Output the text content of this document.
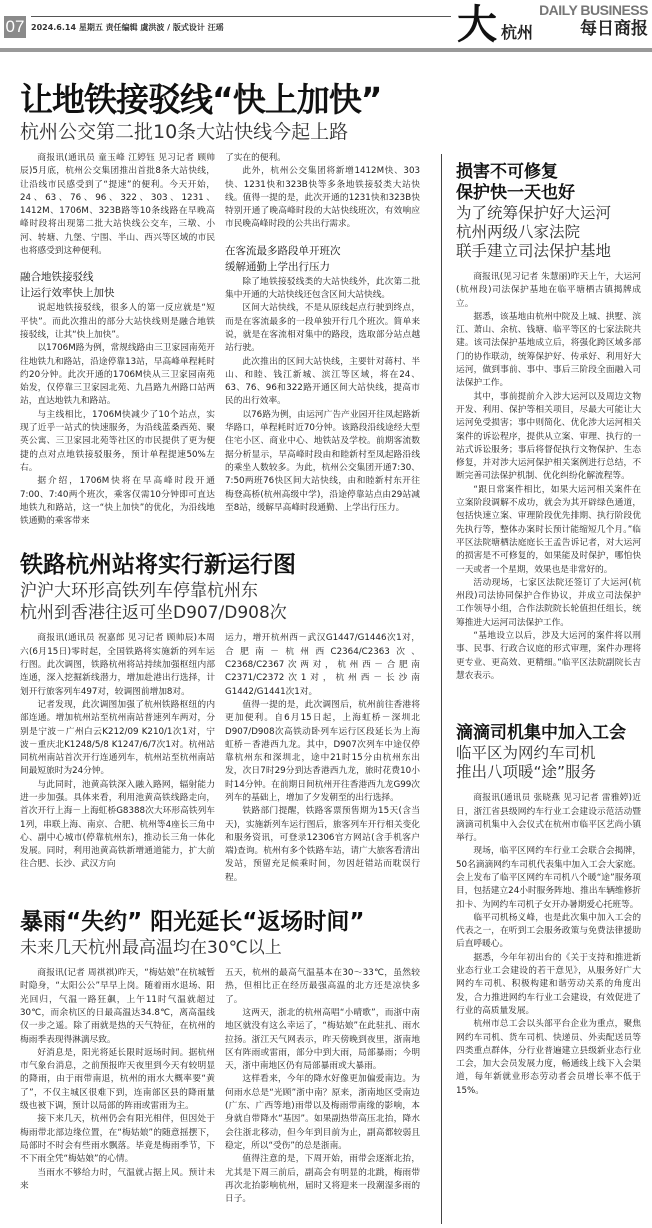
07 2024.6.14 星期五 责任编辑 虞洪波 / 版式设计 汪瑶	大 杭州
DAILY BUSINESS
每日商报
让地铁接驳线“快上加快”
杭州公交第二批10条大站快线今起上路

商报讯(通讯员 童玉峰 江婷钰 见习记者 顾帅辰)5月底，杭州公交集团推出首批8条大站快线，让沿线市民感受到了“提速”的便利。今天开始，24、63、76、96、322、303、1231、1412M、1706M、323B路等10条线路在早晚高峰时段将出现第二批大站快线公交车，三墩、小河、转塘、九堡、宁围、半山、西兴等区域的市民也将感受到这种便利。

融合地铁接驳线
让运行效率快上加快

说起地铁接驳线，很多人的第一反应就是“短平快”。而此次推出的部分大站快线则是融合地铁接驳线，让其“快上加快”。

以1706M路为例，常规线路由三卫家园南苑开往地铁九和路站，沿途停靠13站，早高峰单程耗时约20分钟。此次开通的1706M快从三卫家园南苑始发，仅停靠三卫家园北苑、九昌路九州路口站两站，直达地铁九和路站。

与主线相比，1706M快减少了10个站点，实现了近乎一站式的快速服务，为沿线蓝桑西苑、聚英公寓、三卫家园北苑等社区的市民提供了更为便捷的点对点地铁接驳服务，预计单程提速50%左右。

据介绍，1706M快将在早高峰时段开通7:00、7:40两个班次，乘客仅需10分钟即可直达地铁九和路站，这一“快上加快”的优化，为沿线地铁通勤的乘客带来

了实在的便利。

此外，杭州公交集团将新增1412M快、303快、1231快和323B快等多条地铁接驳类大站快线。值得一提的是，此次开通的1231快和323B快特别开通了晚高峰时段的大站快线班次，有效响应市民晚高峰时段的公共出行需求。

在客流最多路段单开班次
缓解通勤上学出行压力

除了地铁接驳线类的大站快线外，此次第二批集中开通的大站快线还包含区间大站快线。

区间大站快线，不是从原线起点行驶到终点，而是在客流最多的一段单独开行几个班次。简单来说，就是在客流相对集中的路段，选取部分站点越站行驶。

此次推出的区间大站快线，主要针对蒋村、半山、和睦、钱江新城、滨江等区域，将在24、63、76、96和322路开通区间大站快线，提高市民的出行效率。

以76路为例，由运河广告产业园开往凤起路新华路口，单程耗时近70分钟。该路段沿线途经大型住宅小区、商业中心、地铁站及学校。前期客流数据分析显示，早高峰时段由和睦新村至凤起路沿线的乘坐人数较多。为此，杭州公交集团开通7:30、7:50两班76快区间大站快线，由和睦新村东开往梅登高桥(杭州高级中学)，沿途停靠站点由29站减至8站，缓解早高峰时段通勤、上学出行压力。

铁路杭州站将实行新运行图
沪沪大环形高铁列车停靠杭州东
杭州到香港往返可坐D907/D908次

商报讯(通讯员 祝嘉郎 见习记者 顾帅辰)本周六(6月15日)零时起，全国铁路将实施新的列车运行图。此次调图，铁路杭州将站持续加强枢纽内部连通，深入挖掘新线潜力，增加赴港出行选择，计划开行旅客列车497对，较调图前增加8对。

记者发现，此次调图加强了杭州铁路枢纽的内部连通。增加杭州站至杭州南站普速列车两对，分别是宁波－广州白云K212/09 K210/1次1对，宁波－重庆北K1248/5/8 K1247/6/7次1对。杭州站同杭州南站首次开行连通列车，杭州站至杭州南站间最短旅时为24分钟。

与此同时，池黄高铁深入融入路网，辐射能力进一步加强。具体来看，利用池黄高铁线路走向，首次开行上海－上海虹桥G8388次大环形高铁列车1列，串联上海、南京、合肥、杭州等4座长三角中心、副中心城市(停靠杭州东)，推动长三角一体化发展。同时，利用池黄高铁新增通道能力，扩大前往合肥、长沙、武汉方向

运力，增开杭州西－武汉G1447/G1446次1对，合肥南－杭州西C2364/C2363次、C2368/C2367次两对，杭州西－合肥南C2371/C2372次1对，杭州西－长沙南G1442/G1441次1对。

值得一提的是，此次调图后，杭州前往香港将更加便利。自6月15日起，上海虹桥－深圳北D907/D908次高铁动卧列车运行区段延长为上海虹桥－香港西九龙。其中，D907次列车中途仅停靠杭州东和深圳北，途中21时15分由杭州东出发，次日7时29分到达香港西九龙，旅时花费10小时14分钟。在前期日间杭州开往香港西九龙G99次列车的基础上，增加了夕发朝至的出行选择。

铁路部门提醒，铁路客票预售期为15天(含当天)，实施新列车运行图后，旅客列车开行相关变化和服务资讯，可登录12306官方网站(含手机客户端)查询。杭州有多个铁路车站，请广大旅客看清出发站，预留充足候乘时间，勿因赶错站而耽误行程。

暴雨“失约” 阳光延长“返场时间”
未来几天杭州最高温均在30℃以上

商报讯(记者 周祺祺)昨天，“梅姑娘”在杭城暂时隐身，“太阳公公”早早上岗。随着雨水退场、阳光回归，气温一路狂飙，上午11时气温就超过30℃，而余杭区的日最高温达34.8℃，离高温线仅一步之遥。除了雨就是热的天气特征，在杭州的梅雨季表现得淋漓尽致。

好消息是，阳光将延长限时返场时间。据杭州市气象台消息，之前预报昨天夜里到今天有较明显的降雨，由于雨带南退，杭州的雨水大概率要“黄了”，不仅主城区很难下到，连南部区县的降雨量级也被下调，预计以局部的阵雨或雷雨为主。

接下来几天，杭州仍会有阳光相伴，但因处于梅雨带北部边缘位置，在“梅姑娘”的随意摇摆下，局部时不时会有些雨水飘落。毕竟是梅雨季节，下不下雨全凭“梅姑娘”的心情。

当雨水不够给力时，气温就占据上风。预计未来

五天，杭州的最高气温基本在30～33℃，虽然较热，但相比正在经历最强高温的北方还是凉快多了。

这两天，浙北的杭州高唱“小晴歌”，而浙中南地区就没有这么幸运了，“梅姑娘”在此驻扎、雨水拉扬。浙江天气网表示，昨天傍晚到夜里，浙南地区有阵雨或雷雨，部分中到大雨，局部暴雨；今明天，浙中南地区仍有局部暴雨或大暴雨。

这样看来，今年的降水好像更加偏爱南边。为何雨水总是“光顾”浙中南？原来，浙南地区受南边(广东、广西等地)雨带以及梅雨带南缘的影响，本身就自带降水“基因”。如果副热带高压北抬，降水会往浙北移动，但今年到目前为止，副高都较弱且稳定，所以“受伤”的总是浙南。

值得注意的是，下周开始，雨带会逐渐北抬，尤其是下周三前后，副高会有明显的北跳，梅雨带再次北抬影响杭州，届时又将迎来一段潮湿多雨的日子。

损害不可修复
保护快一天也好
为了统筹保护好大运河
杭州两级八家法院
联手建立司法保护基地

商报讯(见习记者 朱慧丽)昨天上午，大运河(杭州段)司法保护基地在临平塘栖古镇揭牌成立。

据悉，该基地由杭州中院及上城、拱墅、滨江、萧山、余杭、钱塘、临平等区的七家法院共建。该司法保护基地成立后，将强化跨区域多部门的协作联动，统筹保护好、传承好、利用好大运河，做到事前、事中、事后三阶段全面融入司法保护工作。

其中，事前提前介入涉大运河以及周边文物开发、利用、保护等相关项目，尽最大可能让大运河免受损害；事中则简化、优化涉大运河相关案件的诉讼程序，提供从立案、审理、执行的一站式诉讼服务；事后将督促执行文物保护、生态修复，并对涉大运河保护相关案例进行总结，不断完善司法保护机制、优化纠纷化解流程等。

“跟日常案件相比，如果大运河相关案件在立案阶段调解不成功，就会为其开辟绿色通道，包括快速立案、审理阶段优先排期、执行阶段优先执行等，整体办案时长预计能缩短几个月。”临平区法院塘栖法庭庭长王孟告诉记者，对大运河的损害是不可修复的，如果能及时保护，哪怕快一天或者一个星期，效果也是非常好的。

活动现场，七家区法院还签订了大运河(杭州段)司法协同保护合作协议，并成立司法保护工作领导小组，合作法院院长轮值担任组长，统筹推进大运河司法保护工作。

“基地设立以后，涉及大运河的案件将以刑事、民事、行政合议庭的形式审理，案件办理将更专业、更高效、更精细。”临平区法院副院长吉慧农表示。

滴滴司机集中加入工会
临平区为网约车司机
推出八项暖“途”服务

商报讯(通讯员 张晓燕 见习记者 雷雅婷)近日，浙江省县级网约车行业工会建设示范活动暨滴滴司机集中入会仪式在杭州市临平区艺尚小镇举行。

现场，临平区网约车行业工会联合会揭牌，50名滴滴网约车司机代表集中加入工会大家庭。会上发布了临平区网约车司机八个暖“途”服务项目，包括建立24小时服务阵地、推出车辆维修折扣卡、为网约车司机子女开办暑期爱心托班等。

临平司机杨义峰，也是此次集中加入工会的代表之一，在听到工会服务政策与免费法律援助后直呼暖心。

据悉，今年年初出台的《关于支持和推进新业态行业工会建设的若干意见》，从服务好广大网约车司机、积极构建和谐劳动关系的角度出发，合力推进网约车行业工会建设，有效促进了行业的高质量发展。

杭州市总工会以头部平台企业为重点，聚焦网约车司机、货车司机、快递员、外卖配送员等四类重点群体，分行业普遍建立县级新业态行业工会，加大会员发展力度，畅通线上线下入会渠道，每年新就业形态劳动者会员增长率不低于15%。
